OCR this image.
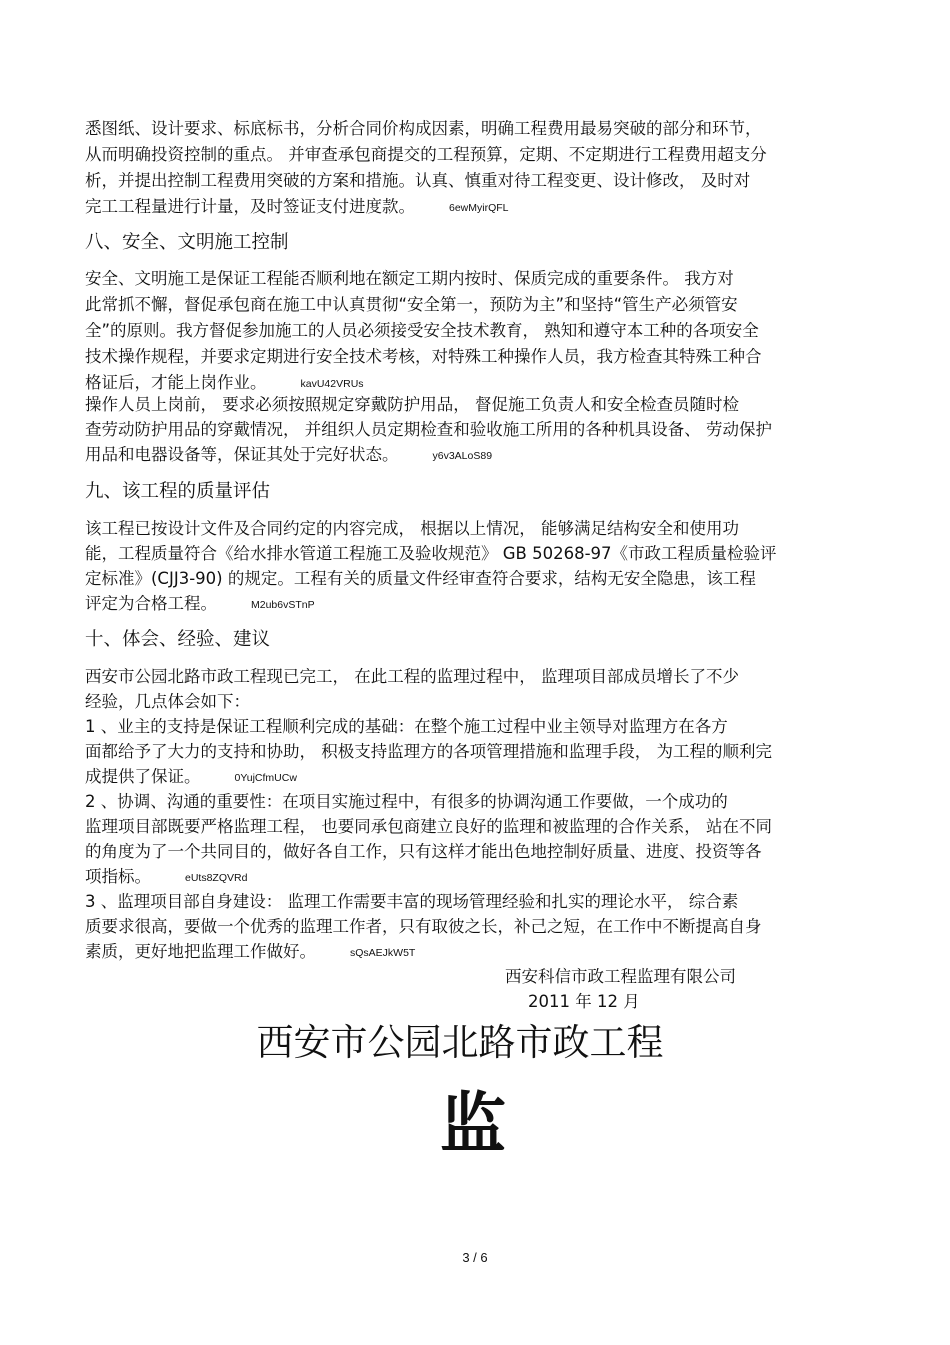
悉图纸、设计要求、标底标书，分析合同价构成因素，明确工程费用最易突破的部分和环节，
从而明确投资控制的重点。 并审查承包商提交的工程预算，定期、不定期进行工程费用超支分
析，并提出控制工程费用突破的方案和措施。认真、慎重对待工程变更、设计修改， 及时对
完工工程量进行计量，及时签证支付进度款。	6ewMyirQFL
八、安全、文明施工控制
安全、文明施工是保证工程能否顺利地在额定工期内按时、保质完成的重要条件。 我方对
此常抓不懈，督促承包商在施工中认真贯彻“安全第一，预防为主”和坚持“管生产必须管安
全”的原则。我方督促参加施工的人员必须接受安全技术教育， 熟知和遵守本工种的各项安全
技术操作规程，并要求定期进行安全技术考核，对特殊工种操作人员，我方检查其特殊工种合
格证后，才能上岗作业。	kavU42VRUs
操作人员上岗前， 要求必须按照规定穿戴防护用品， 督促施工负责人和安全检查员随时检
查劳动防护用品的穿戴情况， 并组织人员定期检查和验收施工所用的各种机具设备、 劳动保护
用品和电器设备等，保证其处于完好状态。	y6v3ALoS89
九、该工程的质量评估
该工程已按设计文件及合同约定的内容完成， 根据以上情况， 能够满足结构安全和使用功
能，工程质量符合《给水排水管道工程施工及验收规范》 GB 50268-97《市政工程质量检验评
定标准》(CJJ3-90) 的规定。工程有关的质量文件经审查符合要求，结构无安全隐患，该工程
评定为合格工程。	M2ub6vSTnP
十、体会、经验、建议
西安市公园北路市政工程现已完工， 在此工程的监理过程中， 监理项目部成员增长了不少
经验，几点体会如下：
1 、业主的支持是保证工程顺利完成的基础：在整个施工过程中业主领导对监理方在各方
面都给予了大力的支持和协助， 积极支持监理方的各项管理措施和监理手段， 为工程的顺利完
成提供了保证。	0YujCfmUCw
2 、协调、沟通的重要性：在项目实施过程中，有很多的协调沟通工作要做，一个成功的
监理项目部既要严格监理工程， 也要同承包商建立良好的监理和被监理的合作关系， 站在不同
的角度为了一个共同目的，做好各自工作，只有这样才能出色地控制好质量、进度、投资等各
项指标。	eUts8ZQVRd
3 、监理项目部自身建设： 监理工作需要丰富的现场管理经验和扎实的理论水平， 综合素
质要求很高，要做一个优秀的监理工作者，只有取彼之长，补己之短，在工作中不断提高自身
素质，更好地把监理工作做好。	sQsAEJkW5T
西安科信市政工程监理有限公司
2011 年 12 月
西安市公园北路市政工程
监
3 / 6
